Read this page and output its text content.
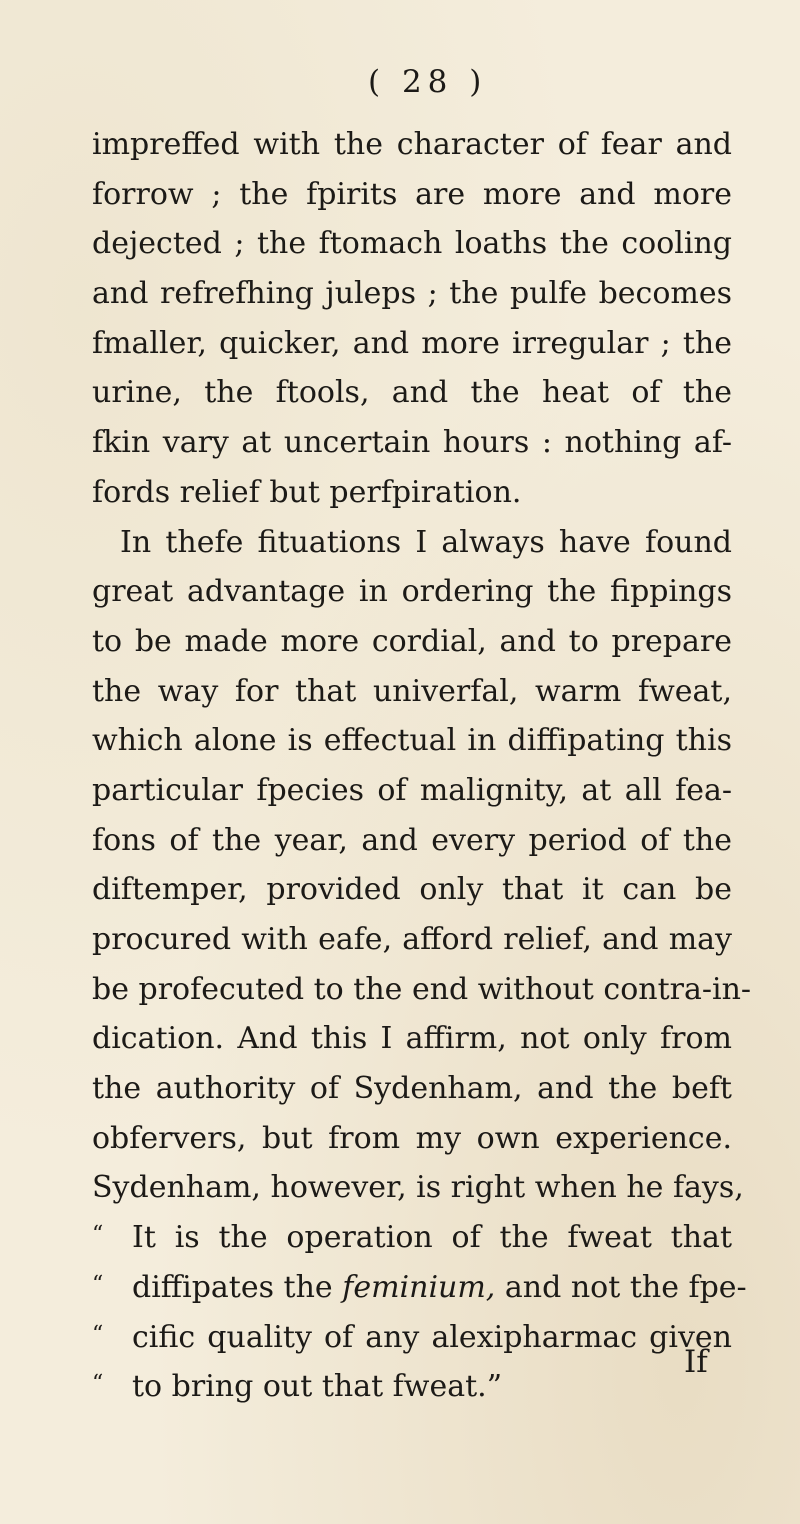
( 28 )
impreffed with the character of fear and
forrow ; the fpirits are more and more
dejected ; the ftomach loaths the cooling
and refrefhing juleps ; the pulfe becomes
fmaller, quicker, and more irregular ; the
urine, the ftools, and the heat of the
fkin vary at uncertain hours : nothing af-
fords relief but perfpiration.
In thefe fituations I always have found
great advantage in ordering the fippings
to be made more cordial, and to prepare
the way for that univerfal, warm fweat,
which alone is effectual in diffipating this
particular fpecies of malignity, at all fea-
fons of the year, and every period of the
diftemper, provided only that it can be
procured with eafe, afford relief, and may
be profecuted to the end without contra-in-
dication. And this I affirm, not only from
the authority of Sydenham, and the beft
obfervers, but from my own experience.
Sydenham, however, is right when he fays,
“ It is the operation of the fweat that
“ diffipates the feminium, and not the fpe-
“ cific quality of any alexipharmac given
“ to bring out that fweat.”
If
